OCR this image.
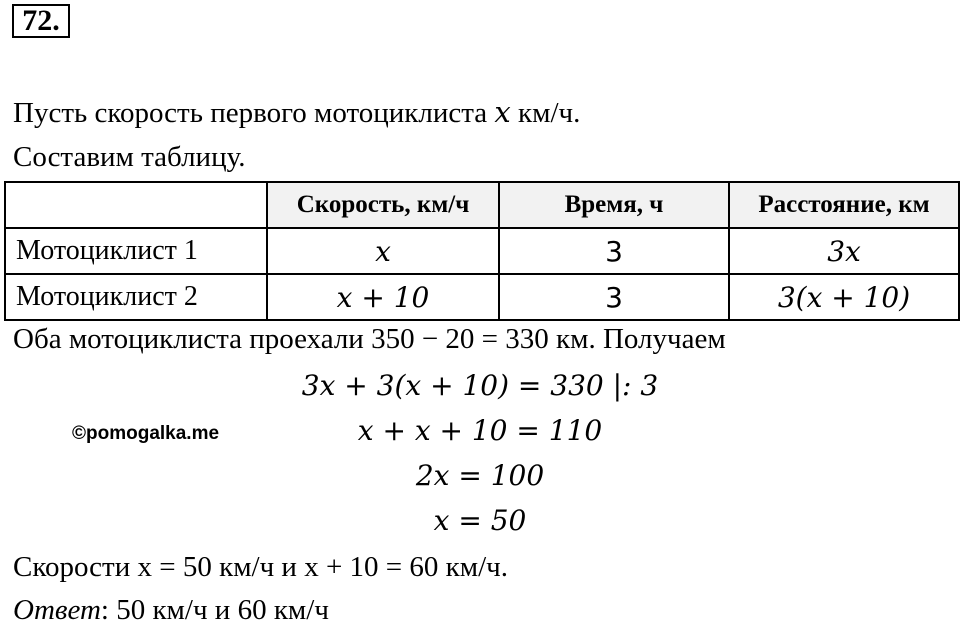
72.
Пусть скорость первого мотоциклиста x км/ч.
Составим таблицу.
	Скорость, км/ч	Время, ч	Расстояние, км
Мотоциклист 1	x	3	3x
Мотоциклист 2	x + 10	3	3(x + 10)
Оба мотоциклиста проехали 350 − 20 = 330 км. Получаем
3x + 3(x + 10) = 330 |: 3
x + x + 10 = 110
2x = 100
x = 50
©pomogalka.me
Скорости x = 50 км/ч и x + 10 = 60 км/ч.
Ответ: 50 км/ч и 60 км/ч
